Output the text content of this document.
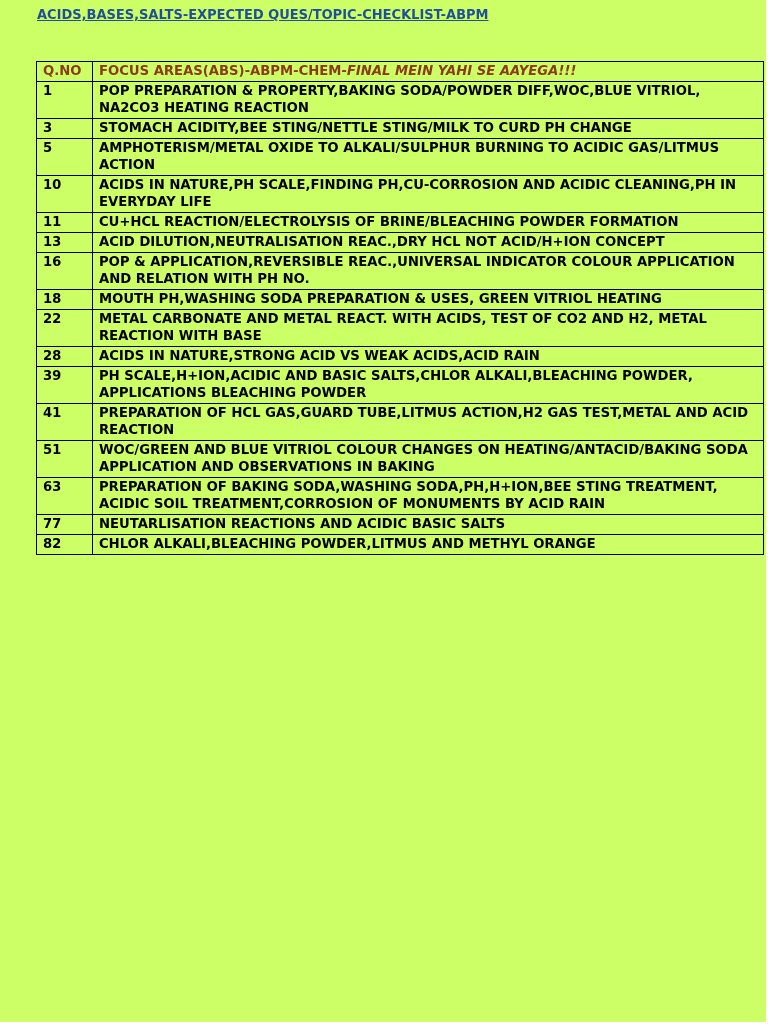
ACIDS,BASES,SALTS-EXPECTED QUES/TOPIC-CHECKLIST-ABPM
Q.NO	FOCUS AREAS(ABS)-ABPM-CHEM-FINAL MEIN YAHI SE AAYEGA!!!
1	POP PREPARATION & PROPERTY,BAKING SODA/POWDER DIFF,WOC,BLUE VITRIOL, NA2CO3 HEATING REACTION
3	STOMACH ACIDITY,BEE STING/NETTLE STING/MILK TO CURD PH CHANGE
5	AMPHOTERISM/METAL OXIDE TO ALKALI/SULPHUR BURNING TO ACIDIC GAS/LITMUS ACTION
10	ACIDS IN NATURE,PH SCALE,FINDING PH,CU-CORROSION AND ACIDIC CLEANING,PH IN EVERYDAY LIFE
11	CU+HCL REACTION/ELECTROLYSIS OF BRINE/BLEACHING POWDER FORMATION
13	ACID DILUTION,NEUTRALISATION REAC.,DRY HCL NOT ACID/H+ION CONCEPT
16	POP & APPLICATION,REVERSIBLE REAC.,UNIVERSAL INDICATOR COLOUR APPLICATION AND RELATION WITH PH NO.
18	MOUTH PH,WASHING SODA PREPARATION & USES, GREEN VITRIOL HEATING
22	METAL CARBONATE AND METAL REACT. WITH ACIDS, TEST OF CO2 AND H2, METAL REACTION WITH BASE
28	ACIDS IN NATURE,STRONG ACID VS WEAK ACIDS,ACID RAIN
39	PH SCALE,H+ION,ACIDIC AND BASIC SALTS,CHLOR ALKALI,BLEACHING POWDER, APPLICATIONS BLEACHING POWDER
41	PREPARATION OF HCL GAS,GUARD TUBE,LITMUS ACTION,H2 GAS TEST,METAL AND ACID REACTION
51	WOC/GREEN AND BLUE VITRIOL COLOUR CHANGES ON HEATING/ANTACID/BAKING SODA APPLICATION AND OBSERVATIONS IN BAKING
63	PREPARATION OF BAKING SODA,WASHING SODA,PH,H+ION,BEE STING TREATMENT, ACIDIC SOIL TREATMENT,CORROSION OF MONUMENTS BY ACID RAIN
77	NEUTARLISATION REACTIONS AND ACIDIC BASIC SALTS
82	CHLOR ALKALI,BLEACHING POWDER,LITMUS AND METHYL ORANGE
